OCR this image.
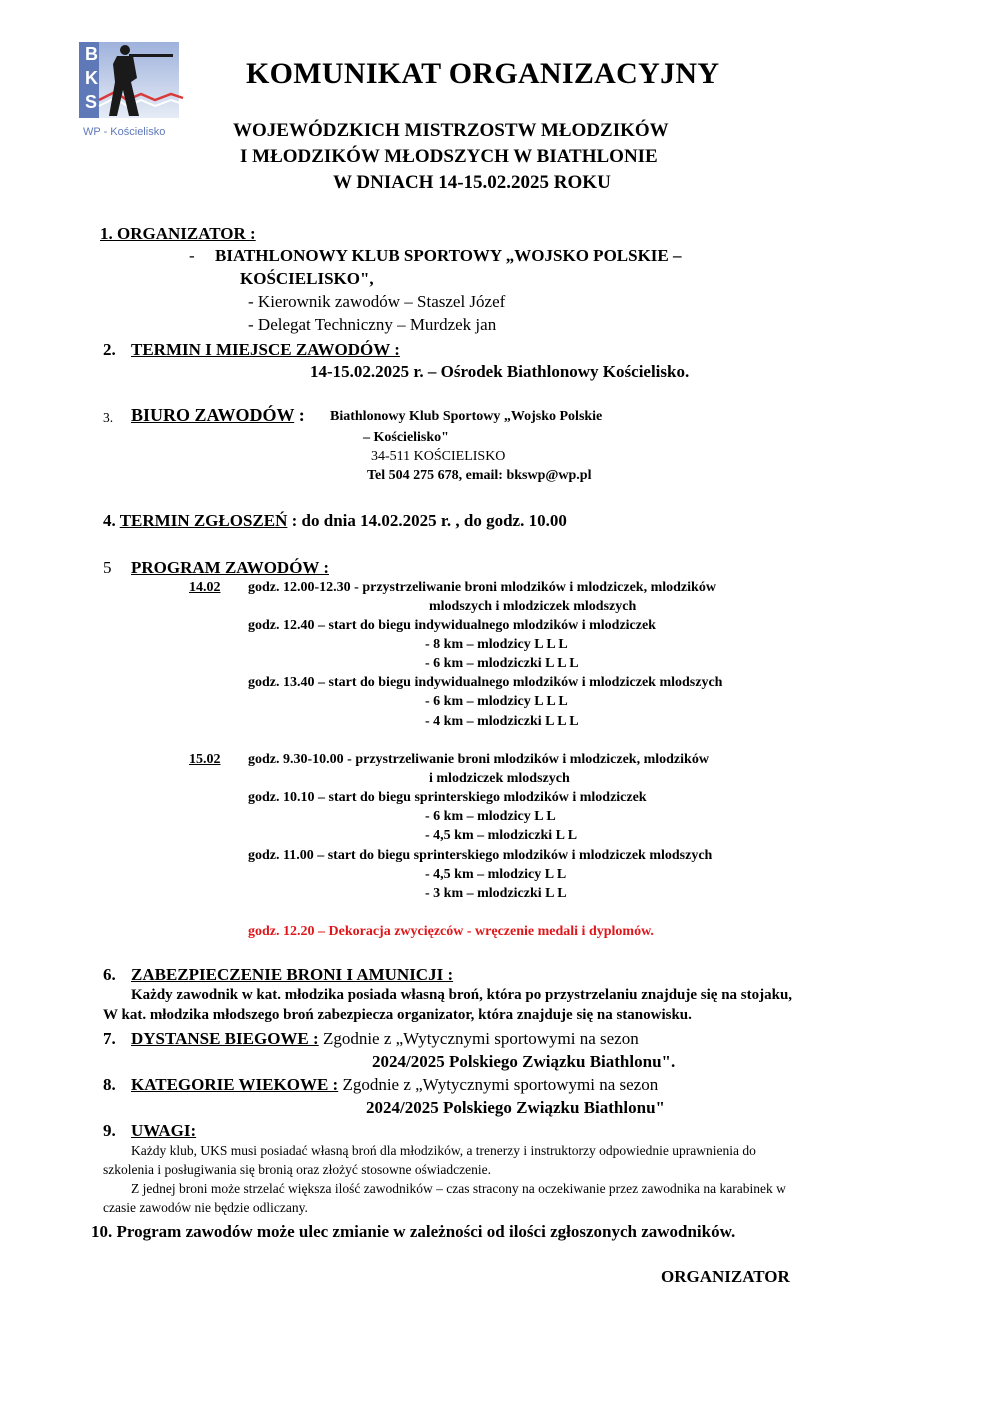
B
K
S
WP - Kościelisko
KOMUNIKAT ORGANIZACYJNY
WOJEWÓDZKICH MISTRZOSTW MŁODZIKÓW
I MŁODZIKÓW MŁODSZYCH W BIATHLONIE
W DNIACH 14-15.02.2025 ROKU
1. ORGANIZATOR :
- BIATHLONOWY KLUB SPORTOWY „WOJSKO POLSKIE –
KOŚCIELISKO",
- Kierownik zawodów – Staszel Józef
- Delegat Techniczny – Murdzek jan
2. TERMIN I MIEJSCE ZAWODÓW :
14-15.02.2025 r. – Ośrodek Biathlonowy Kościelisko.
3. BIURO ZAWODÓW : Biathlonowy Klub Sportowy „Wojsko Polskie
– Kościelisko"
34-511 KOŚCIELISKO
Tel 504 275 678, email: bkswp@wp.pl
4. TERMIN ZGŁOSZEŃ : do dnia 14.02.2025 r. , do godz. 10.00
5 PROGRAM ZAWODÓW :
14.02 godz. 12.00-12.30 - przystrzeliwanie broni mlodzików i mlodziczek, mlodzików
mlodszych i mlodziczek mlodszych
godz. 12.40 – start do biegu indywidualnego mlodzików i mlodziczek
- 8 km – mlodzicy L L L
- 6 km – mlodziczki L L L
godz. 13.40 – start do biegu indywidualnego mlodzików i mlodziczek mlodszych
- 6 km – mlodzicy L L L
- 4 km – mlodziczki L L L
15.02 godz. 9.30-10.00 - przystrzeliwanie broni mlodzików i mlodziczek, mlodzików
i mlodziczek mlodszych
godz. 10.10 – start do biegu sprinterskiego mlodzików i mlodziczek
- 6 km – mlodzicy L L
- 4,5 km – mlodziczki L L
godz. 11.00 – start do biegu sprinterskiego mlodzików i mlodziczek mlodszych
- 4,5 km – mlodzicy L L
- 3 km – mlodziczki L L
godz. 12.20 – Dekoracja zwycięzców - wręczenie medali i dyplomów.
6. ZABEZPIECZENIE BRONI I AMUNICJI :
Każdy zawodnik w kat. młodzika posiada własną broń, która po przystrzelaniu znajduje się na stojaku,
W kat. młodzika młodszego broń zabezpiecza organizator, która znajduje się na stanowisku.
7. DYSTANSE BIEGOWE : Zgodnie z „Wytycznymi sportowymi na sezon
2024/2025 Polskiego Związku Biathlonu".
8. KATEGORIE WIEKOWE : Zgodnie z „Wytycznymi sportowymi na sezon
2024/2025 Polskiego Związku Biathlonu"
9. UWAGI:
Każdy klub, UKS musi posiadać własną broń dla młodzików, a trenerzy i instruktorzy odpowiednie uprawnienia do
szkolenia i posługiwania się bronią oraz złożyć stosowne oświadczenie.
Z jednej broni może strzelać większa ilość zawodników – czas stracony na oczekiwanie przez zawodnika na karabinek w
czasie zawodów nie będzie odliczany.
10. Program zawodów może ulec zmianie w zależności od ilości zgłoszonych zawodników.
ORGANIZATOR
